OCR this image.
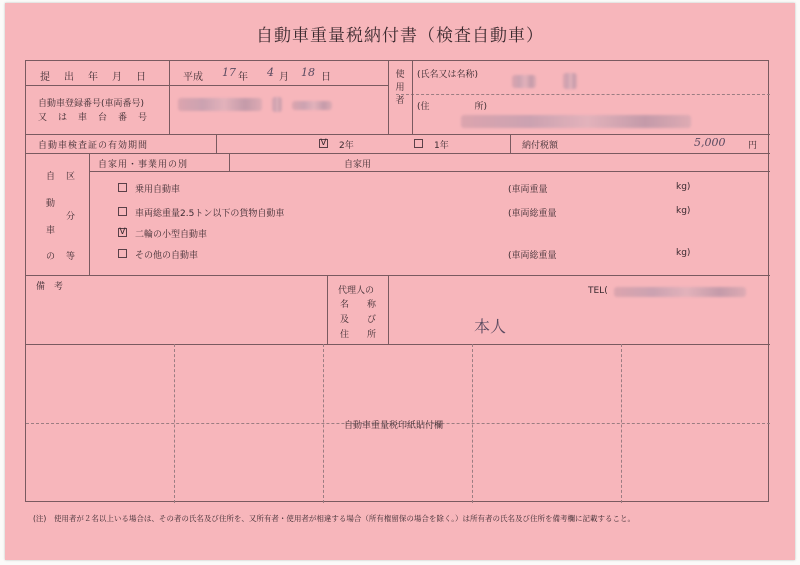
自動車重量税納付書（検査自動車）
提　出　年　月　日	平成 17 年 4 月 18 日
自動車登録番号(車両番号)
又　は　車　台　番　号
使
用
者
(氏名又は名称)
(住　　　　　所)
自動車検査証の有効期間	V 2年	1年	納付税額	5,000	円
自 区
動
分
車
の 等
自家用・事業用の別	自家用
乗用自動車	(車両重量	kg)
車両総重量2.5トン以下の貨物自動車	(車両総重量	kg)
V 二輪の小型自動車
その他の自動車	(車両総重量	kg)
備　考	代理人の
名　　称
及　　び
住　　所
TEL(
本人
自動車重量税印紙貼付欄
(注)　使用者が２名以上いる場合は、その者の氏名及び住所を、又所有者・使用者が相違する場合（所有権留保の場合を除く。）は所有者の氏名及び住所を備考欄に記載すること。
